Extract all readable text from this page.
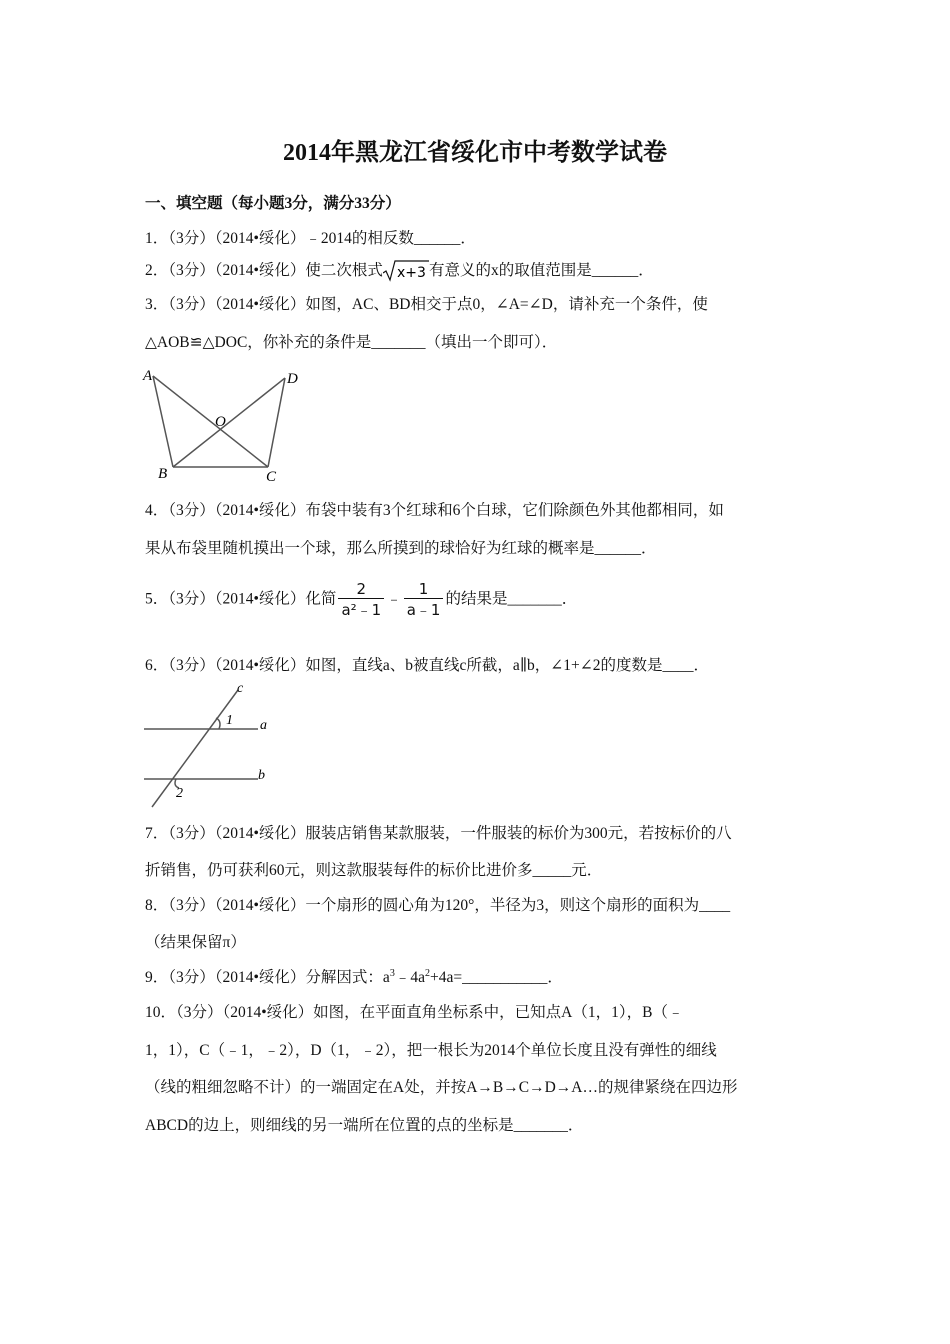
2014年黑龙江省绥化市中考数学试卷
一、填空题（每小题3分，满分33分）
1．（3分）（2014•绥化）﹣2014的相反数______．
2．（3分）（2014•绥化）使二次根式 x+3 有意义的x的取值范围是______．
3．（3分）（2014•绥化）如图，AC、BD相交于点0，∠A=∠D，请补充一个条件，使
△AOB≌△DOC，你补充的条件是_______（填出一个即可）．
A	D
O
B	C
4．（3分）（2014•绥化）布袋中装有3个红球和6个白球，它们除颜色外其他都相同，如
果从布袋里随机摸出一个球，那么所摸到的球恰好为红球的概率是______．
5．（3分）（2014•绥化）化简 $\frac{2}{\text{a²﹣1}}$ ﹣ $\frac{1}{a﹣1}$ 的结果是_______．
6．（3分）（2014•绥化）如图，直线a、b被直线c所截，a∥b，∠1+∠2的度数是____．
c
1 a
b
2
7．（3分）（2014•绥化）服装店销售某款服装，一件服装的标价为300元，若按标价的八
折销售，仍可获利60元，则这款服装每件的标价比进价多_____元．
8．（3分）（2014•绥化）一个扇形的圆心角为120°，半径为3，则这个扇形的面积为____
（结果保留π）
9．（3分）（2014•绥化）分解因式：$a^3﹣4a^2+4a=\_\_\_\_\_\_\_\_\_\_\_$．
10．（3分）（2014•绥化）如图，在平面直角坐标系中，已知点A（1，1），B（﹣
1，1），C（﹣1，﹣2），D（1，﹣2），把一根长为2014个单位长度且没有弹性的细线
（线的粗细忽略不计）的一端固定在A处，并按A→B→C→D→A…的规律紧绕在四边形
ABCD的边上，则细线的另一端所在位置的点的坐标是_______．
